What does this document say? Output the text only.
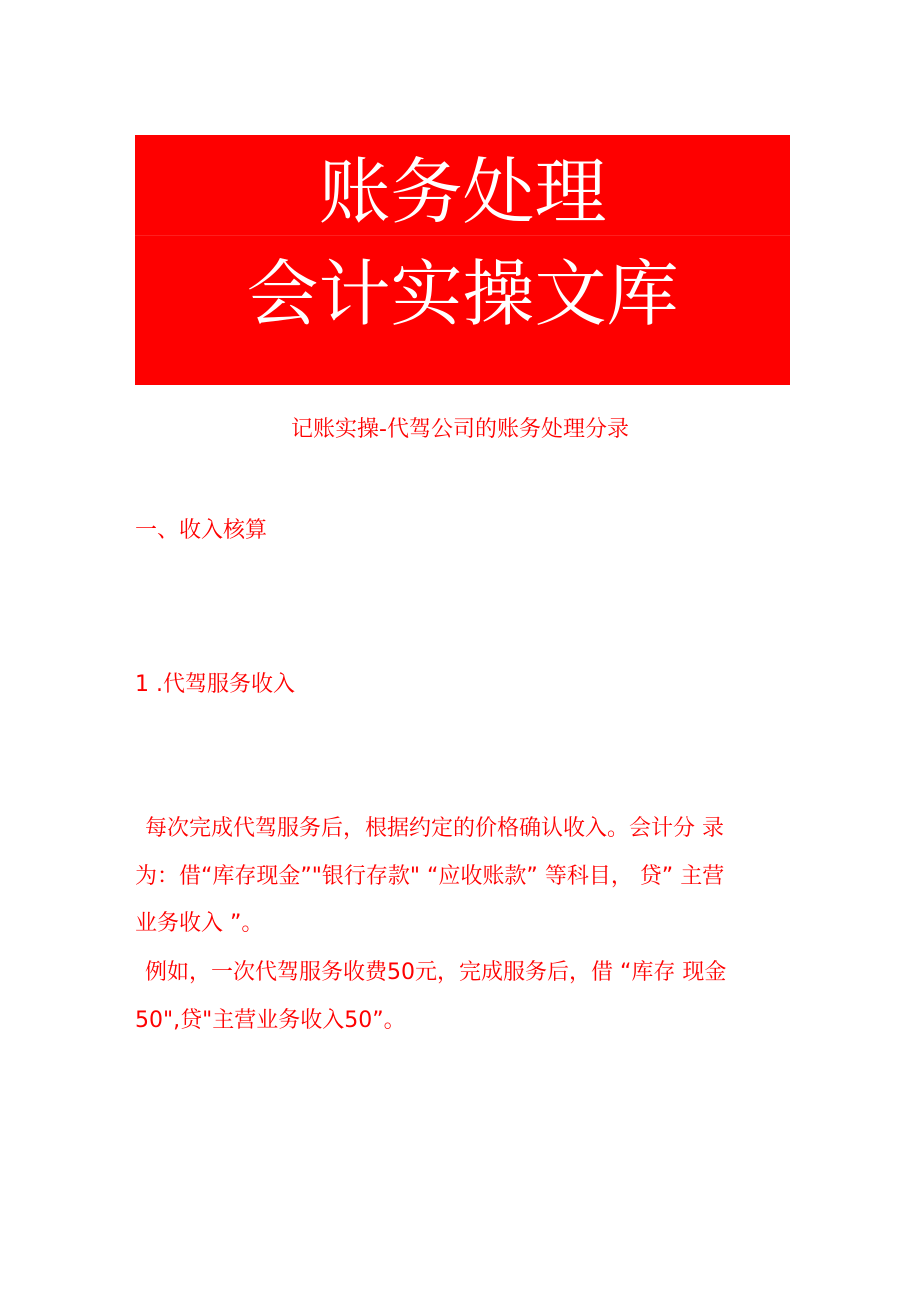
账务处理
会计实操文库
记账实操-代驾公司的账务处理分录
一、收入核算
1 .代驾服务收入
每次完成代驾服务后，根据约定的价格确认收入。会计分 录
为：借“库存现金”"银行存款" “应收账款” 等科目， 贷” 主营
业务收入 ”。
例如，一次代驾服务收费50元，完成服务后，借 “库存 现金
50",贷"主营业务收入50”。
